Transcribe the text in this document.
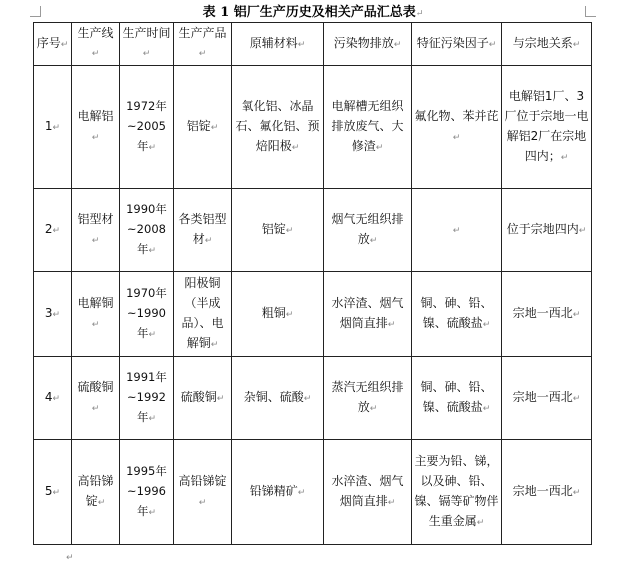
表 1 铝厂生产历史及相关产品汇总表↵
序号↵	生产线↵	生产时间↵	生产产品↵	原辅材料↵	污染物排放↵	特征污染因子↵	与宗地关系↵
1↵	电解铝↵	1972年~2005年↵	铝锭↵	氧化铝、冰晶石、氟化铝、预焙阳极↵	电解槽无组织排放废气、大修渣↵	氟化物、苯并芘↵	电解铝1厂、3厂位于宗地一电解铝2厂在宗地四内；↵
2↵	铝型材↵	1990年~2008年↵	各类铝型材↵	铝锭↵	烟气无组织排放↵	↵	位于宗地四内↵
3↵	电解铜↵	1970年~1990年↵	阳极铜（半成品）、电解铜↵	粗铜↵	水淬渣、烟气烟筒直排↵	铜、砷、铅、镍、硫酸盐↵	宗地一西北↵
4↵	硫酸铜↵	1991年~1992年↵	硫酸铜↵	杂铜、硫酸↵	蒸汽无组织排放↵	铜、砷、铅、镍、硫酸盐↵	宗地一西北↵
5↵	高铅锑锭↵	1995年~1996年↵	高铅锑锭↵	铅锑精矿↵	水淬渣、烟气烟筒直排↵	主要为铅、锑，以及砷、铅、镍、镉等矿物伴生重金属↵	宗地一西北↵
↵
